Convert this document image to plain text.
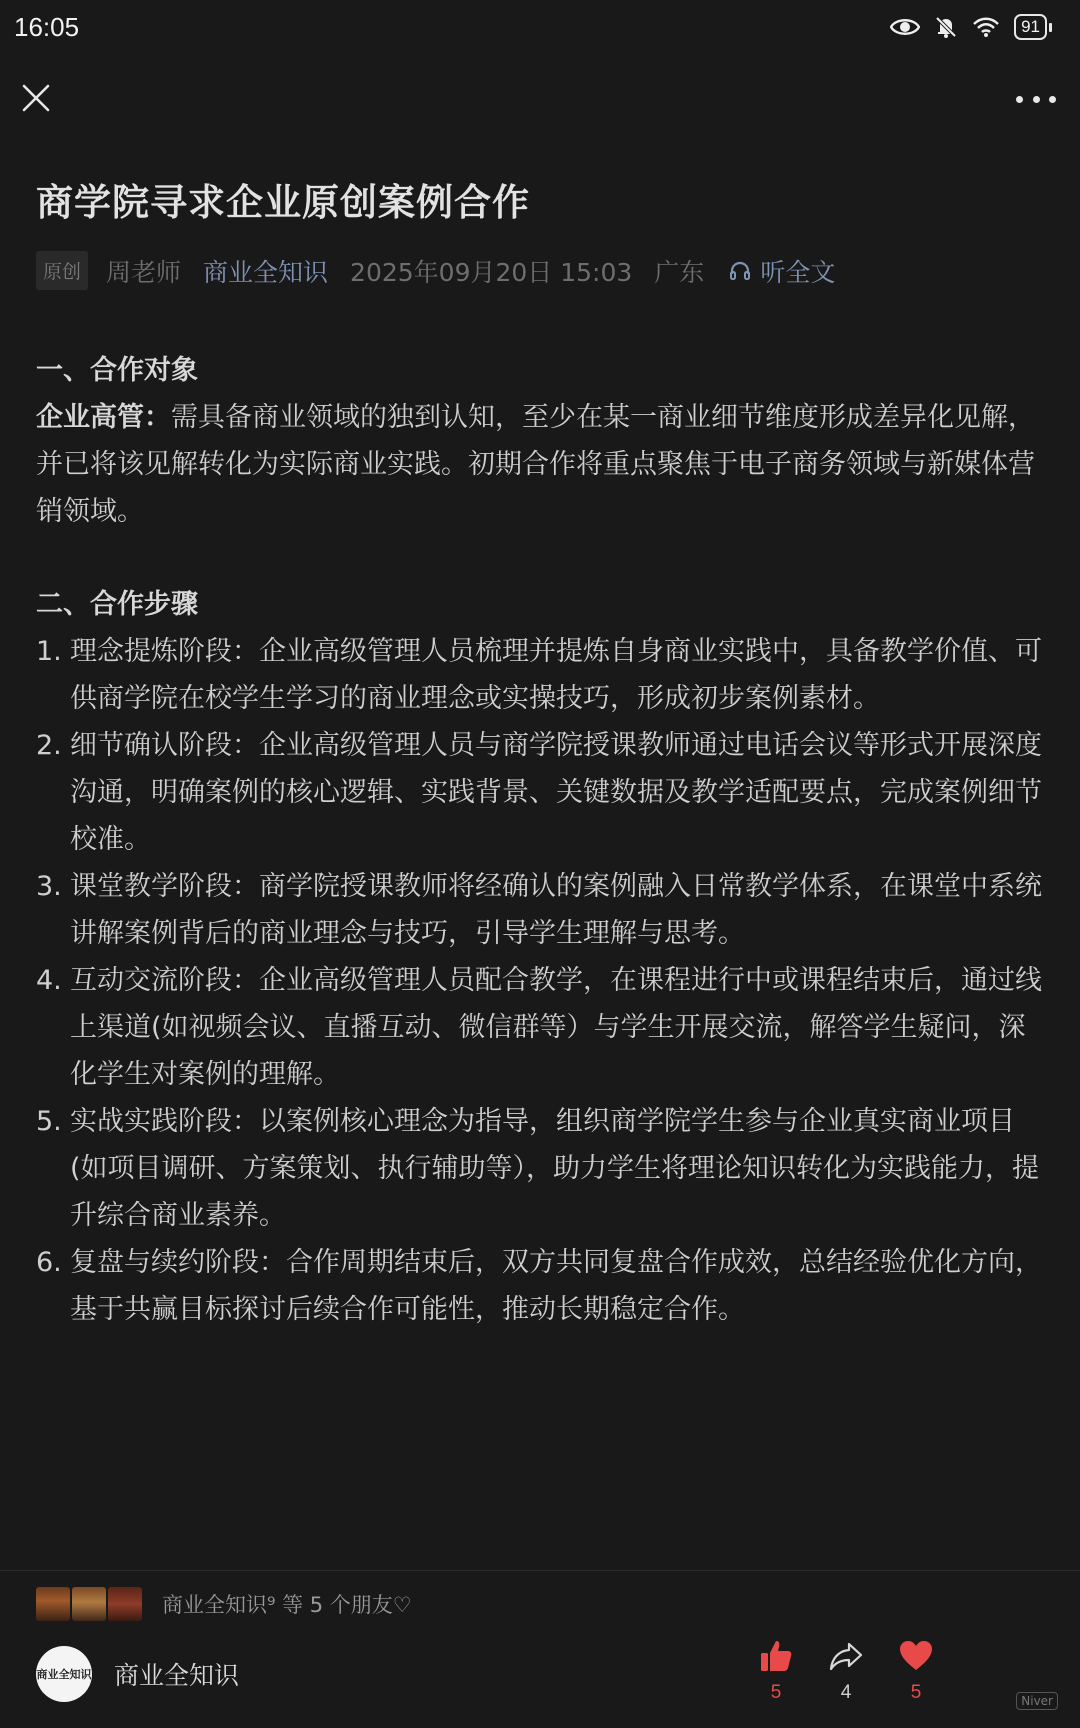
16:05	91
商学院寻求企业原创案例合作
原创 周老师 商业全知识 2025年09月20日 15:03 广东 听全文
一、合作对象
企业高管：需具备商业领域的独到认知，至少在某一商业细节维度形成差异化见解，并已将该见解转化为实际商业实践。初期合作将重点聚焦于电子商务领域与新媒体营销领域。
二、合作步骤
1. 理念提炼阶段：企业高级管理人员梳理并提炼自身商业实践中，具备教学价值、可供商学院在校学生学习的商业理念或实操技巧，形成初步案例素材。
2. 细节确认阶段：企业高级管理人员与商学院授课教师通过电话会议等形式开展深度沟通，明确案例的核心逻辑、实践背景、关键数据及教学适配要点，完成案例细节校准。
3. 课堂教学阶段：商学院授课教师将经确认的案例融入日常教学体系，在课堂中系统讲解案例背后的商业理念与技巧，引导学生理解与思考。
4. 互动交流阶段：企业高级管理人员配合教学，在课程进行中或课程结束后，通过线上渠道(如视频会议、直播互动、微信群等）与学生开展交流，解答学生疑问，深化学生对案例的理解。
5. 实战实践阶段：以案例核心理念为指导，组织商学院学生参与企业真实商业项目(如项目调研、方案策划、执行辅助等），助力学生将理论知识转化为实践能力，提升综合商业素养。
6. 复盘与续约阶段：合作周期结束后，双方共同复盘合作成效，总结经验优化方向，基于共赢目标探讨后续合作可能性，推动长期稳定合作。
商业全知识⁹ 等 5 个朋友♡
商业全知识 商业全知识
5	4	5	Niver
